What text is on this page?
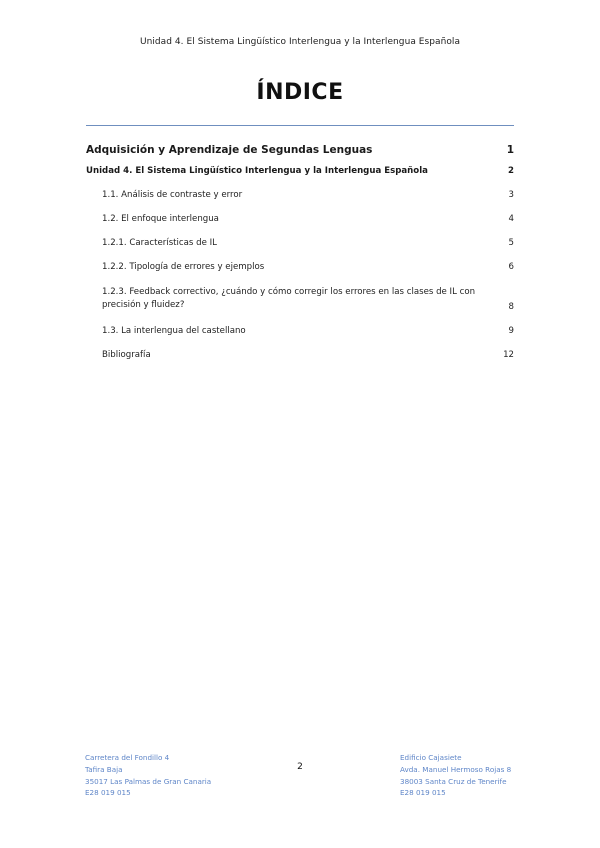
Unidad 4. El Sistema Lingüístico Interlengua y la Interlengua Española
ÍNDICE
Adquisición y Aprendizaje de Segundas Lenguas	1
Unidad 4. El Sistema Lingüístico Interlengua y la Interlengua Española	2
1.1. Análisis de contraste y error	3
1.2. El enfoque interlengua	4
1.2.1. Características de IL	5
1.2.2. Tipología de errores y ejemplos	6
1.2.3. Feedback correctivo, ¿cuándo y cómo corregir los errores en las clases de IL con precisión y fluidez?	8
1.3. La interlengua del castellano	9
Bibliografía	12
Carretera del Fondillo 4
Tafira Baja
35017 Las Palmas de Gran Canaria
E28 019 015
2
Edificio Cajasiete
Avda. Manuel Hermoso Rojas 8
38003 Santa Cruz de Tenerife
E28 019 015
